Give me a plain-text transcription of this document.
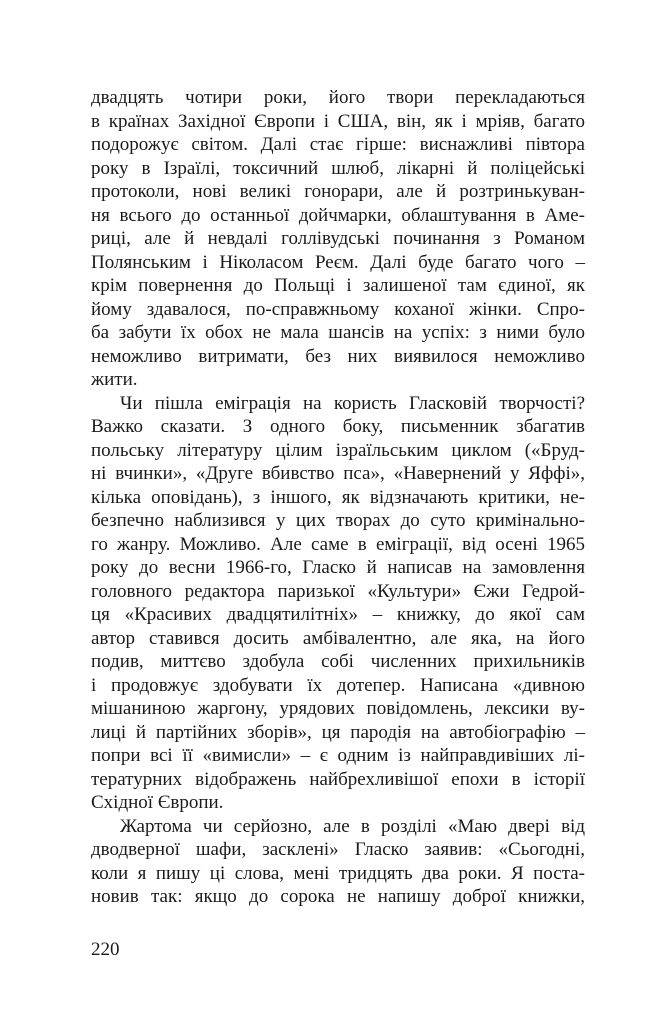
двадцять чотири роки, його твори перекладаються
в країнах Західної Європи і США, він, як і мріяв, багато
подорожує світом. Далі стає гірше: виснажливі півтора
року в Ізраїлі, токсичний шлюб, лікарні й поліцейські
протоколи, нові великі гонорари, але й розтринькуван-
ня всього до останньої дойчмарки, облаштування в Аме-
риці, але й невдалі голлівудські починання з Романом
Полянським і Ніколасом Реєм. Далі буде багато чого –
крім повернення до Польщі і залишеної там єдиної, як
йому здавалося, по-справжньому коханої жінки. Спро-
ба забути їх обох не мала шансів на успіх: з ними було
неможливо витримати, без них виявилося неможливо
жити.
Чи пішла еміграція на користь Гласковій творчості?
Важко сказати. З одного боку, письменник збагатив
польську літературу цілим ізраїльським циклом («Бруд-
ні вчинки», «Друге вбивство пса», «Навернений у Яффі»,
кілька оповідань), з іншого, як відзначають критики, не-
безпечно наблизився у цих творах до суто кримінально-
го жанру. Можливо. Але саме в еміграції, від осені 1965
року до весни 1966-го, Гласко й написав на замовлення
головного редактора паризької «Культури» Єжи Гедрой-
ця «Красивих двадцятилітніх» – книжку, до якої сам
автор ставився досить амбівалентно, але яка, на його
подив, миттєво здобула собі численних прихильників
і продовжує здобувати їх дотепер. Написана «дивною
мішаниною жаргону, урядових повідомлень, лексики ву-
лиці й партійних зборів», ця пародія на автобіографію –
попри всі її «вимисли» – є одним із найправдивіших лі-
тературних відображень найбрехливішої епохи в історії
Східної Європи.
Жартома чи серйозно, але в розділі «Маю двері від
дводверної шафи, засклені» Гласко заявив: «Сьогодні,
коли я пишу ці слова, мені тридцять два роки. Я поста-
новив так: якщо до сорока не напишу доброї книжки,
220
